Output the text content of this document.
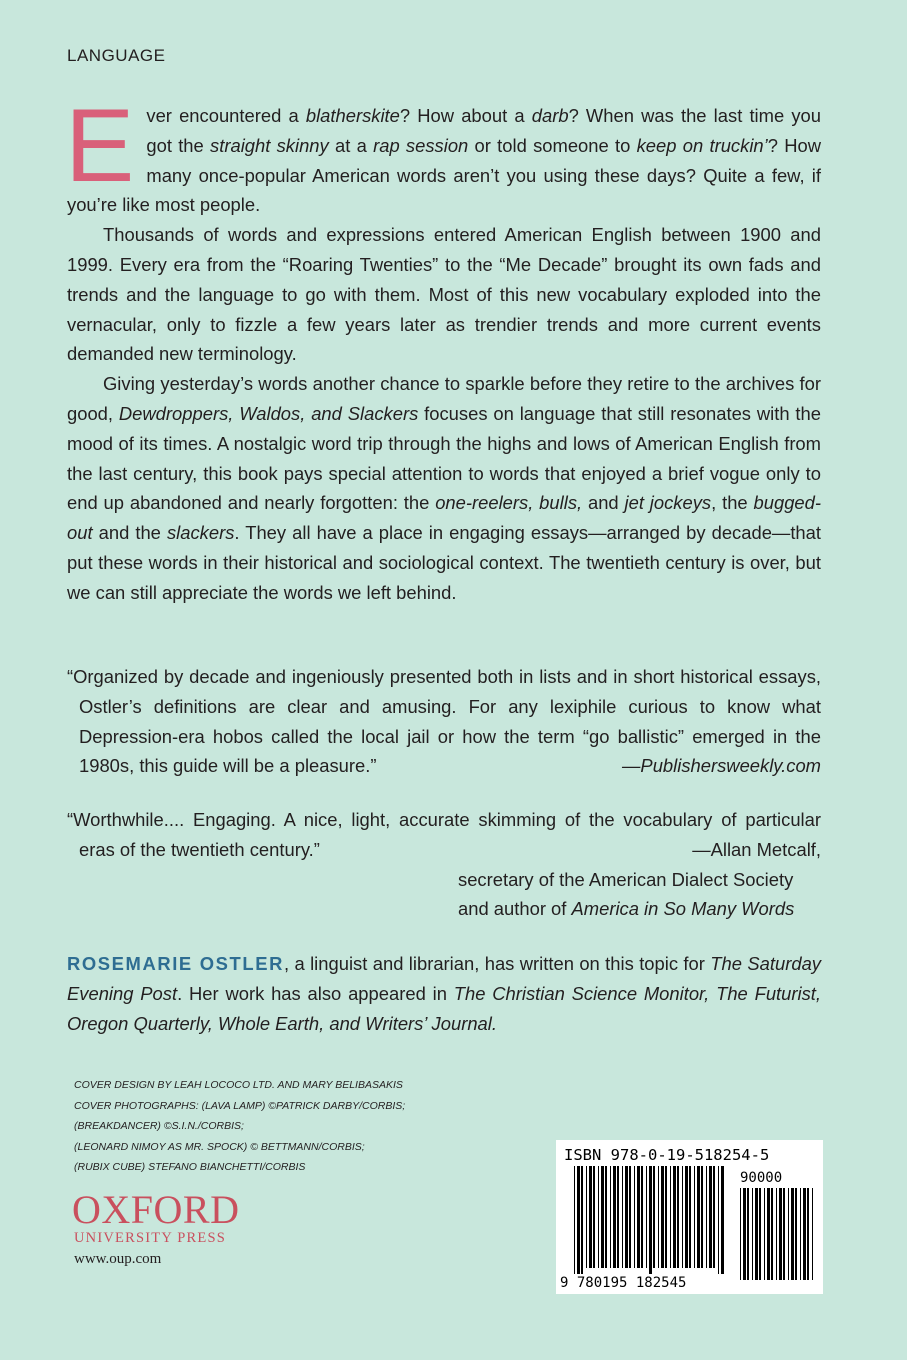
LANGUAGE

Ever encountered a blatherskite? How about a darb? When was the last time you got the straight skinny at a rap session or told someone to keep on truckin’? How many once-popular American words aren’t you using these days? Quite a few, if you’re like most people.

Thousands of words and expressions entered American English between 1900 and 1999. Every era from the “Roaring Twenties” to the “Me Decade” brought its own fads and trends and the language to go with them. Most of this new vocabulary exploded into the vernacular, only to fizzle a few years later as trendier trends and more current events demanded new terminology.

Giving yesterday’s words another chance to sparkle before they retire to the archives for good, Dewdroppers, Waldos, and Slackers focuses on language that still resonates with the mood of its times. A nostalgic word trip through the highs and lows of American English from the last century, this book pays special attention to words that enjoyed a brief vogue only to end up abandoned and nearly forgotten: the one-reelers, bulls, and jet jockeys, the bugged-out and the slackers. They all have a place in engaging essays—arranged by decade—that put these words in their historical and sociological context. The twentieth century is over, but we can still appreciate the words we left behind.

“Organized by decade and ingeniously presented both in lists and in short historical essays, Ostler’s definitions are clear and amusing. For any lexiphile curious to know what Depression-era hobos called the local jail or how the term “go ballistic” emerged in the 1980s, this guide will be a pleasure.”	—Publishersweekly.com
“Worthwhile.... Engaging. A nice, light, accurate skimming of the vocabulary of particular eras of the twentieth century.”	—Allan Metcalf,
secretary of the American Dialect Society
and author of America in So Many Words
ROSEMARIE OSTLER, a linguist and librarian, has written on this topic for The Saturday Evening Post. Her work has also appeared in The Christian Science Monitor, The Futurist, Oregon Quarterly, Whole Earth, and Writers’ Journal.
COVER DESIGN BY LEAH LOCOCO LTD. AND MARY BELIBASAKIS
COVER PHOTOGRAPHS: (LAVA LAMP) ©PATRICK DARBY/CORBIS;
(BREAKDANCER) ©S.I.N./CORBIS;
(LEONARD NIMOY AS MR. SPOCK) © BETTMANN/CORBIS;
(RUBIX CUBE) STEFANO BIANCHETTI/CORBIS
OXFORD
UNIVERSITY PRESS
www.oup.com
ISBN 978-0-19-518254-5
90000
9 780195 182545
